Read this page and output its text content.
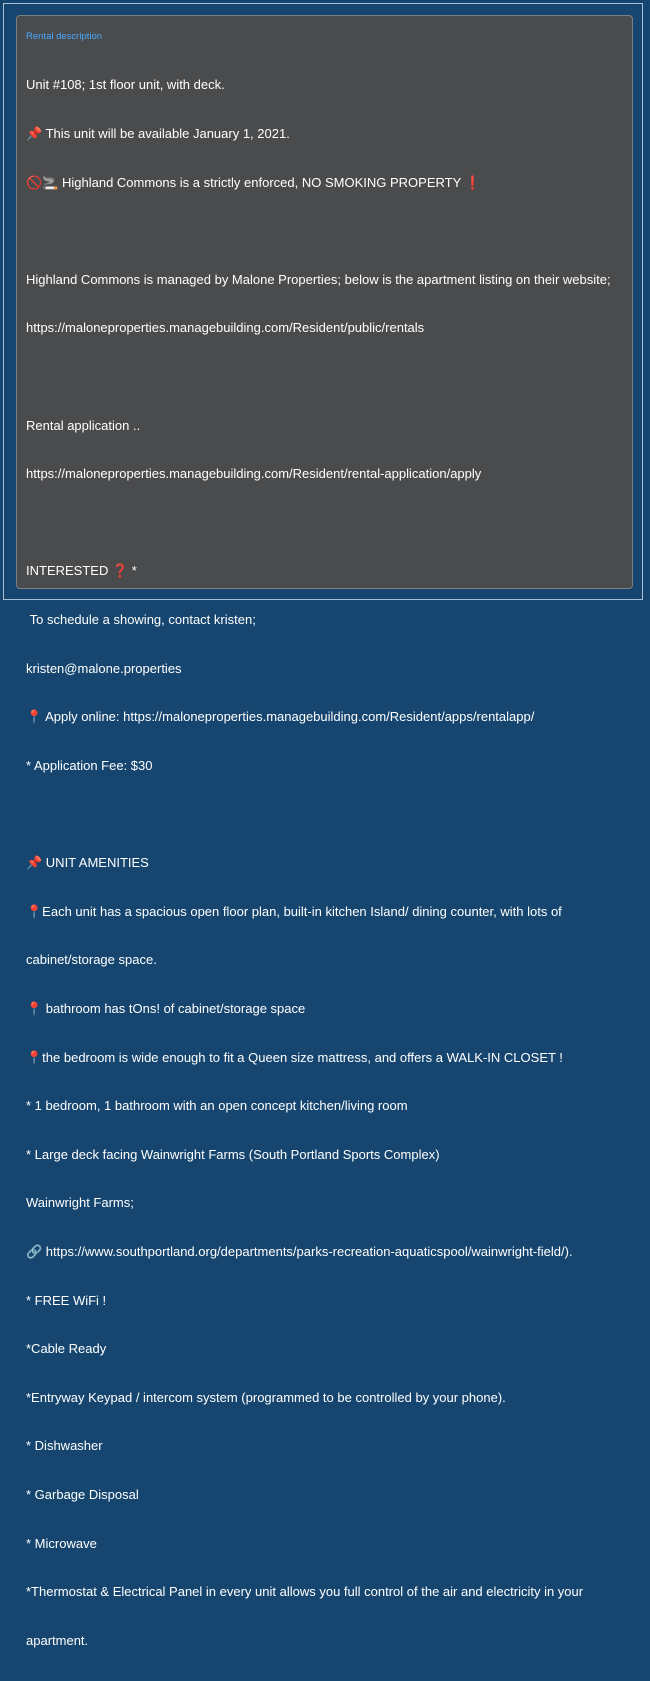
Rental description

Unit #108; 1st floor unit, with deck.

📌 This unit will be available January 1, 2021.

🚫🚬 Highland Commons is a strictly enforced, NO SMOKING PROPERTY ❗

Highland Commons is managed by Malone Properties; below is the apartment listing on their website;

https://maloneproperties.managebuilding.com/Resident/public/rentals

Rental application ..

https://maloneproperties.managebuilding.com/Resident/rental-application/apply

INTERESTED ❓ *

To schedule a showing, contact kristen;

kristen@malone.properties

📍 Apply online: https://maloneproperties.managebuilding.com/Resident/apps/rentalapp/

* Application Fee: $30

📌 UNIT AMENITIES

📍Each unit has a spacious open floor plan, built-in kitchen Island/ dining counter, with lots of

cabinet/storage space.

📍 bathroom has tOns! of cabinet/storage space

📍the bedroom is wide enough to fit a Queen size mattress, and offers a WALK-IN CLOSET !

* 1 bedroom, 1 bathroom with an open concept kitchen/living room

* Large deck facing Wainwright Farms (South Portland Sports Complex)

Wainwright Farms;

🔗 https://www.southportland.org/departments/parks-recreation-aquaticspool/wainwright-field/).

* FREE WiFi !

*Cable Ready

*Entryway Keypad / intercom system (programmed to be controlled by your phone).

* Dishwasher

* Garbage Disposal

* Microwave

*Thermostat & Electrical Panel in every unit allows you full control of the air and electricity in your

apartment.
